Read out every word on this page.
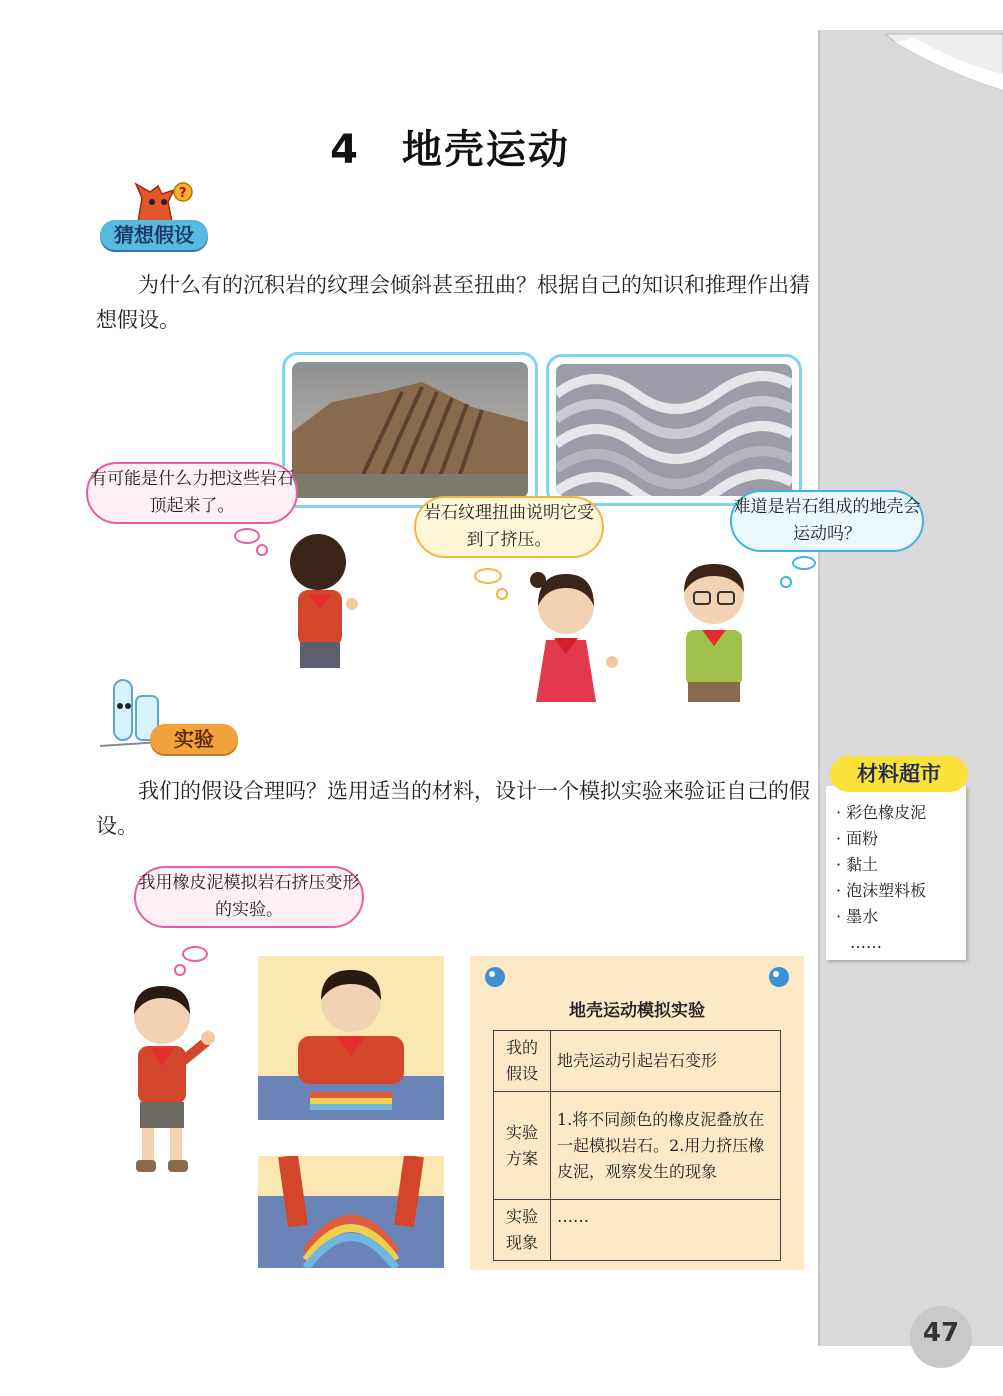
4　地壳运动
?
猜想假设
为什么有的沉积岩的纹理会倾斜甚至扭曲？根据自己的知识和推理作出猜想假设。
有可能是什么力把这些岩石顶起来了。	岩石纹理扭曲说明它受到了挤压。
难道是岩石组成的地壳会运动吗？
实验
我们的假设合理吗？选用适当的材料，设计一个模拟实验来验证自己的假设。
材料超市
· 彩色橡皮泥
· 面粉
· 黏土
· 泡沫塑料板
· 墨水
……
我用橡皮泥模拟岩石挤压变形的实验。
地壳运动模拟实验
我的假设	地壳运动引起岩石变形
实验方案	1.将不同颜色的橡皮泥叠放在一起模拟岩石。2.用力挤压橡皮泥，观察发生的现象
实验现象	……
47
